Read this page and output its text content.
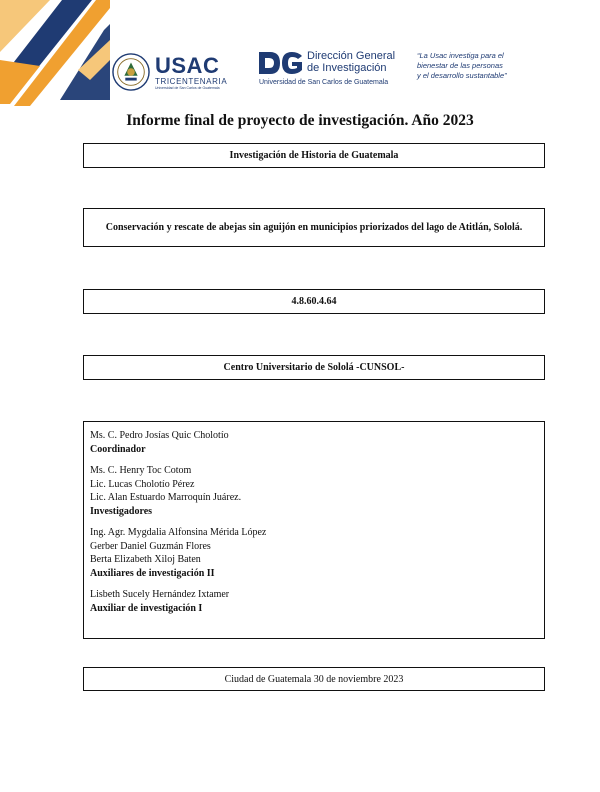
USAC
TRICENTENARIA
Universidad de San Carlos de Guatemala
Dirección General
de Investigación
Universidad de San Carlos de Guatemala
“La Usac investiga para el
bienestar de las personas
y el desarrollo sustantable”
Informe final de proyecto de investigación. Año 2023
Investigación de Historia de Guatemala
Conservación y rescate de abejas sin aguijón en municipios priorizados del lago de Atitlán, Sololá.
4.8.60.4.64
Centro Universitario de Sololá -CUNSOL-
Ms. C. Pedro Josías Quic Cholotío
Coordinador
Ms. C. Henry Toc Cotom
Lic. Lucas Cholotío Pérez
Lic. Alan Estuardo Marroquín Juárez.
Investigadores
Ing. Agr. Mygdalia Alfonsina Mérida López
Gerber Daniel Guzmán Flores
Berta Elizabeth Xiloj Baten
Auxiliares de investigación II
Lisbeth Sucely Hernández Ixtamer
Auxiliar de investigación I
Ciudad de Guatemala 30 de noviembre 2023
